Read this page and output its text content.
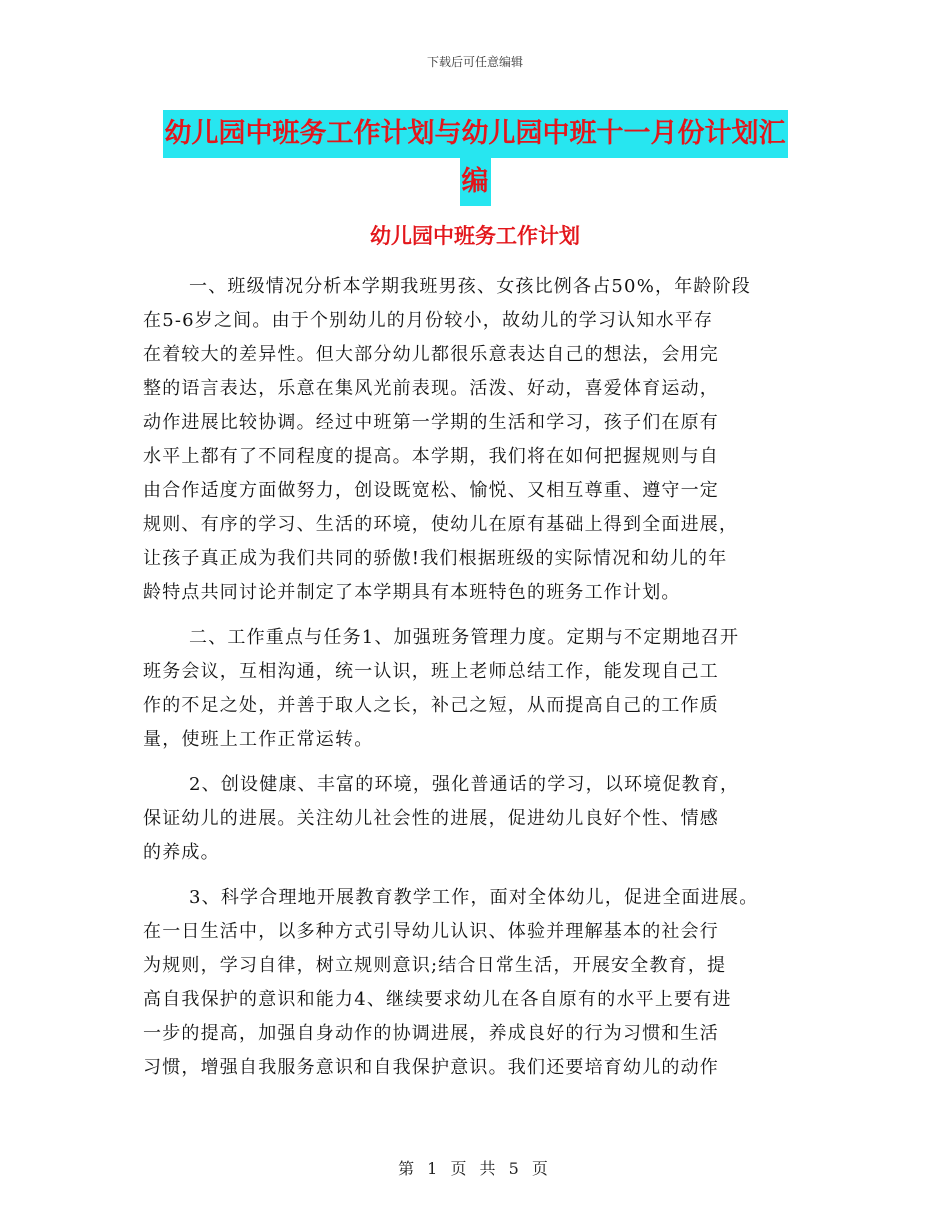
下载后可任意编辑
幼儿园中班务工作计划与幼儿园中班十一月份计划汇
编
幼儿园中班务工作计划
一、班级情况分析本学期我班男孩、女孩比例各占50%，年龄阶段
在5-6岁之间。由于个别幼儿的月份较小，故幼儿的学习认知水平存
在着较大的差异性。但大部分幼儿都很乐意表达自己的想法，会用完
整的语言表达，乐意在集风光前表现。活泼、好动，喜爱体育运动，
动作进展比较协调。经过中班第一学期的生活和学习，孩子们在原有
水平上都有了不同程度的提高。本学期，我们将在如何把握规则与自
由合作适度方面做努力，创设既宽松、愉悦、又相互尊重、遵守一定
规则、有序的学习、生活的环境，使幼儿在原有基础上得到全面进展，
让孩子真正成为我们共同的骄傲!我们根据班级的实际情况和幼儿的年
龄特点共同讨论并制定了本学期具有本班特色的班务工作计划。
二、工作重点与任务1、加强班务管理力度。定期与不定期地召开
班务会议，互相沟通，统一认识，班上老师总结工作，能发现自己工
作的不足之处，并善于取人之长，补己之短，从而提高自己的工作质
量，使班上工作正常运转。
2、创设健康、丰富的环境，强化普通话的学习，以环境促教育，
保证幼儿的进展。关注幼儿社会性的进展，促进幼儿良好个性、情感
的养成。
3、科学合理地开展教育教学工作，面对全体幼儿，促进全面进展。
在一日生活中，以多种方式引导幼儿认识、体验并理解基本的社会行
为规则，学习自律，树立规则意识;结合日常生活，开展安全教育，提
高自我保护的意识和能力4、继续要求幼儿在各自原有的水平上要有进
一步的提高，加强自身动作的协调进展，养成良好的行为习惯和生活
习惯，增强自我服务意识和自我保护意识。我们还要培育幼儿的动作
第 1 页 共 5 页
